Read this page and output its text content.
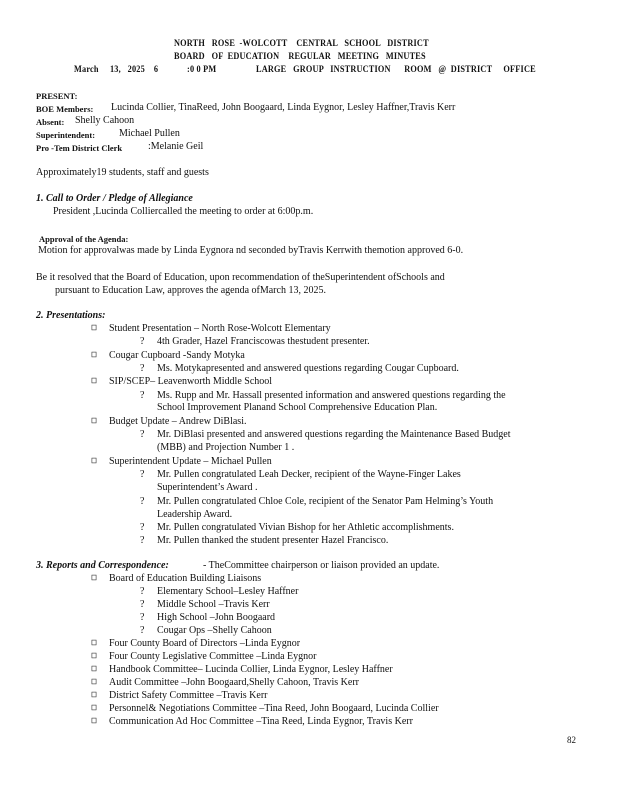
NORTH   ROSE  -WOLCOTT    CENTRAL   SCHOOL   DISTRICT
BOARD   OF  EDUCATION    REGULAR   MEETING   MINUTES
March     13,   2025    6	:0 0 PM	LARGE   GROUP   INSTRUCTION      ROOM   @  DISTRICT     OFFICE
PRESENT:
BOE Members: Lucinda Collier, TinaReed, John Boogaard, Linda Eygnor, Lesley Haffner,Travis Kerr
Absent: Shelly Cahoon
Superintendent: Michael Pullen
Pro -Tem District Clerk	:Melanie Geil
Approximately19 students, staff and guests
1. Call to Order / Pledge of Allegiance
President ,Lucinda Colliercalled the meeting to order at 6:00p.m.
Approval of the Agenda:
Motion for approvalwas made by Linda Eygnora nd seconded byTravis Kerrwith themotion approved 6-0.
Be it resolved that the Board of Education, upon recommendation of theSuperintendent ofSchools and
pursuant to Education Law, approves the agenda ofMarch 13, 2025.
2. Presentations:
Student Presentation – North Rose-Wolcott Elementary
? 4th Grader, Hazel Franciscowas thestudent presenter.
Cougar Cupboard -Sandy Motyka
? Ms. Motykapresented and answered questions regarding Cougar Cupboard.
SIP/SCEP– Leavenworth Middle School
? Ms. Rupp and Mr. Hassall presented information and answered questions regarding the
School Improvement Planand School Comprehensive Education Plan.
Budget Update – Andrew DiBlasi.
? Mr. DiBlasi presented and answered questions regarding the Maintenance Based Budget
(MBB) and Projection Number 1 .
Superintendent Update – Michael Pullen
? Mr. Pullen congratulated Leah Decker, recipient of the Wayne-Finger Lakes
Superintendent’s Award .
? Mr. Pullen congratulated Chloe Cole, recipient of the Senator Pam Helming’s Youth
Leadership Award.
? Mr. Pullen congratulated Vivian Bishop for her Athletic accomplishments.
? Mr. Pullen thanked the student presenter Hazel Francisco.
3. Reports and Correspondence:	- TheCommittee chairperson or liaison provided an update.
Board of Education Building Liaisons
? Elementary School–Lesley Haffner
? Middle School –Travis Kerr
? High School –John Boogaard
? Cougar Ops –Shelly Cahoon
Four County Board of Directors –Linda Eygnor
Four County Legislative Committee –Linda Eygnor
Handbook Committee– Lucinda Collier, Linda Eygnor, Lesley Haffner
Audit Committee –John Boogaard,Shelly Cahoon, Travis Kerr
District Safety Committee –Travis Kerr
Personnel& Negotiations Committee –Tina Reed, John Boogaard, Lucinda Collier
Communication Ad Hoc Committee –Tina Reed, Linda Eygnor, Travis Kerr
82
